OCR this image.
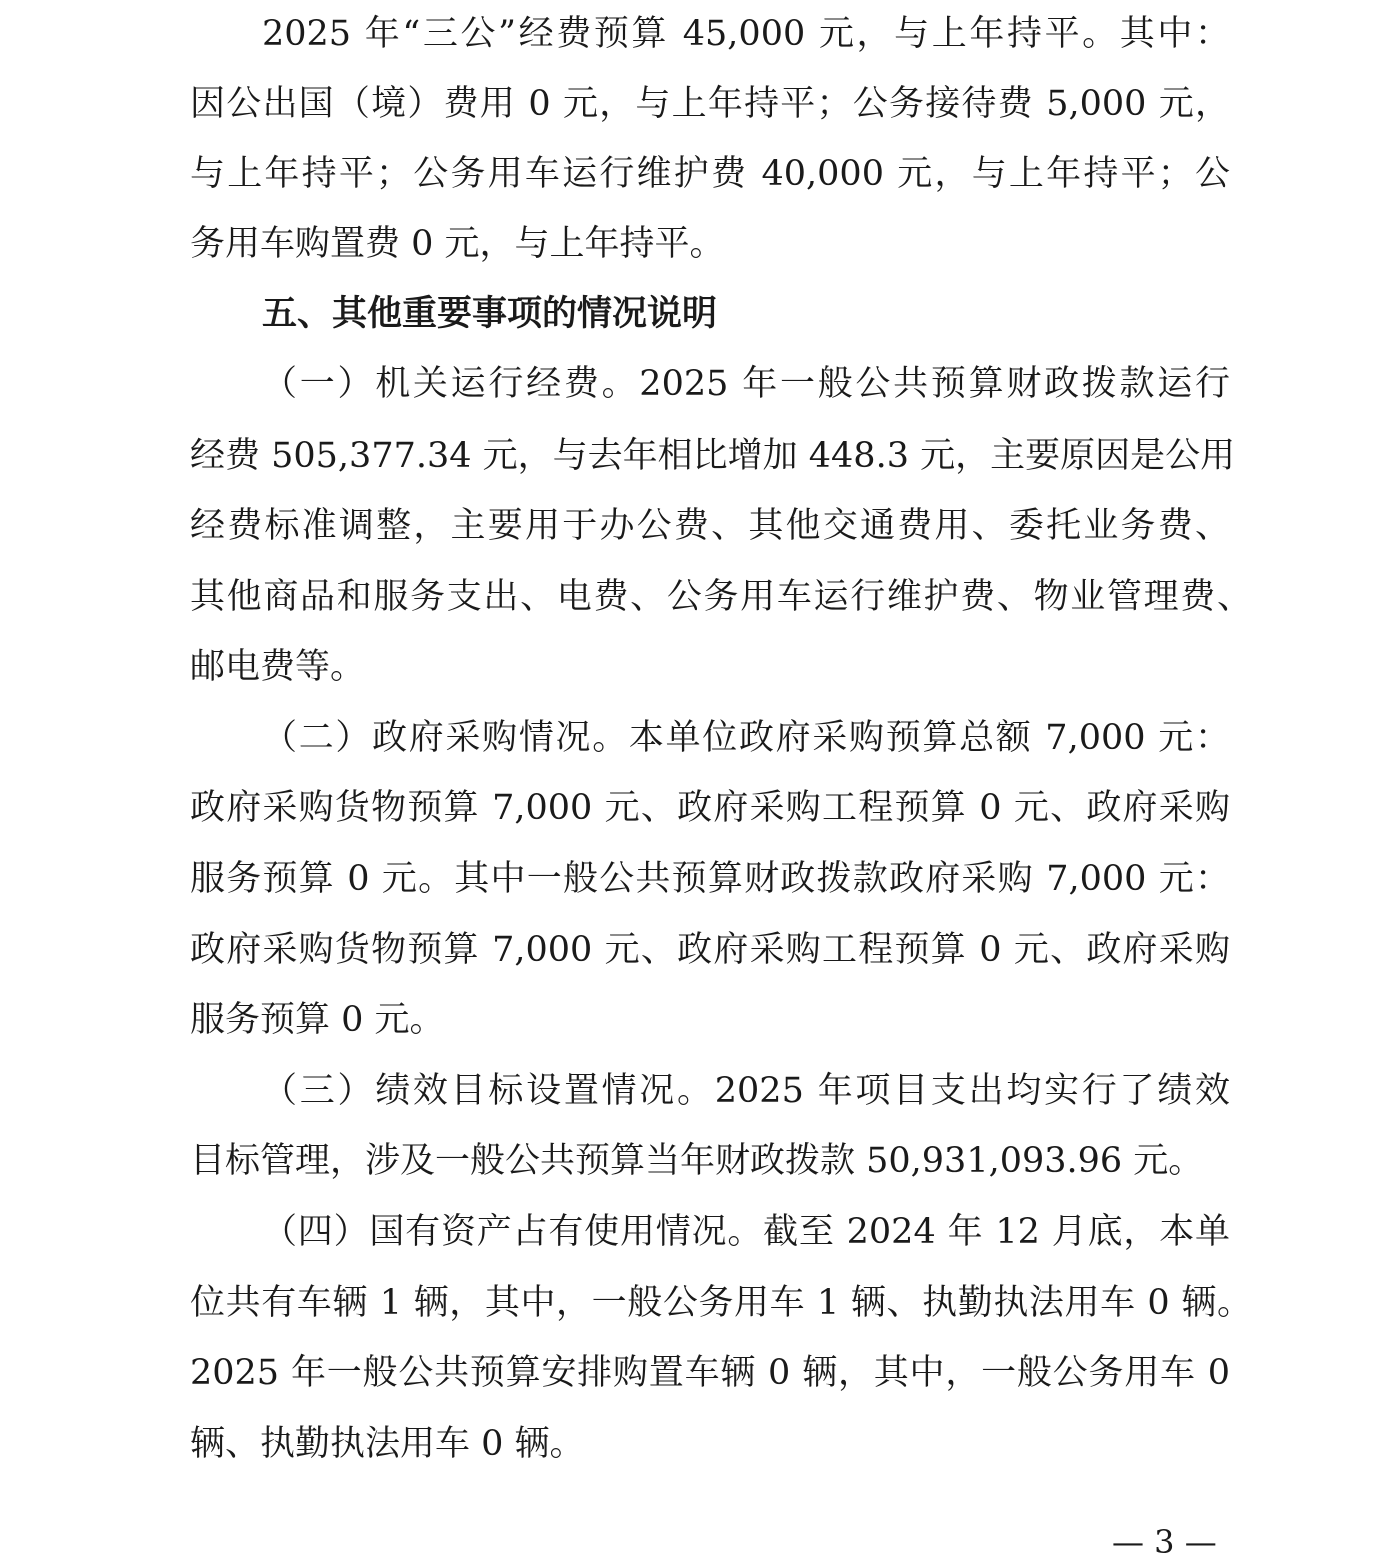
2025 年“三公”经费预算 45,000 元，与上年持平。其中：
因公出国（境）费用 0 元，与上年持平；公务接待费 5,000 元，
与上年持平；公务用车运行维护费 40,000 元，与上年持平；公
务用车购置费 0 元，与上年持平。
五、其他重要事项的情况说明
（一）机关运行经费。2025 年一般公共预算财政拨款运行
经费 505,377.34 元，与去年相比增加 448.3 元，主要原因是公用
经费标准调整，主要用于办公费、其他交通费用、委托业务费、
其他商品和服务支出、电费、公务用车运行维护费、物业管理费、
邮电费等。
（二）政府采购情况。本单位政府采购预算总额 7,000 元：
政府采购货物预算 7,000 元、政府采购工程预算 0 元、政府采购
服务预算 0 元。其中一般公共预算财政拨款政府采购 7,000 元：
政府采购货物预算 7,000 元、政府采购工程预算 0 元、政府采购
服务预算 0 元。
（三）绩效目标设置情况。2025 年项目支出均实行了绩效
目标管理，涉及一般公共预算当年财政拨款 50,931,093.96 元。
（四）国有资产占有使用情况。截至 2024 年 12 月底，本单
位共有车辆 1 辆，其中，一般公务用车 1 辆、执勤执法用车 0 辆。
2025 年一般公共预算安排购置车辆 0 辆，其中，一般公务用车 0
辆、执勤执法用车 0 辆。
— 3 —
